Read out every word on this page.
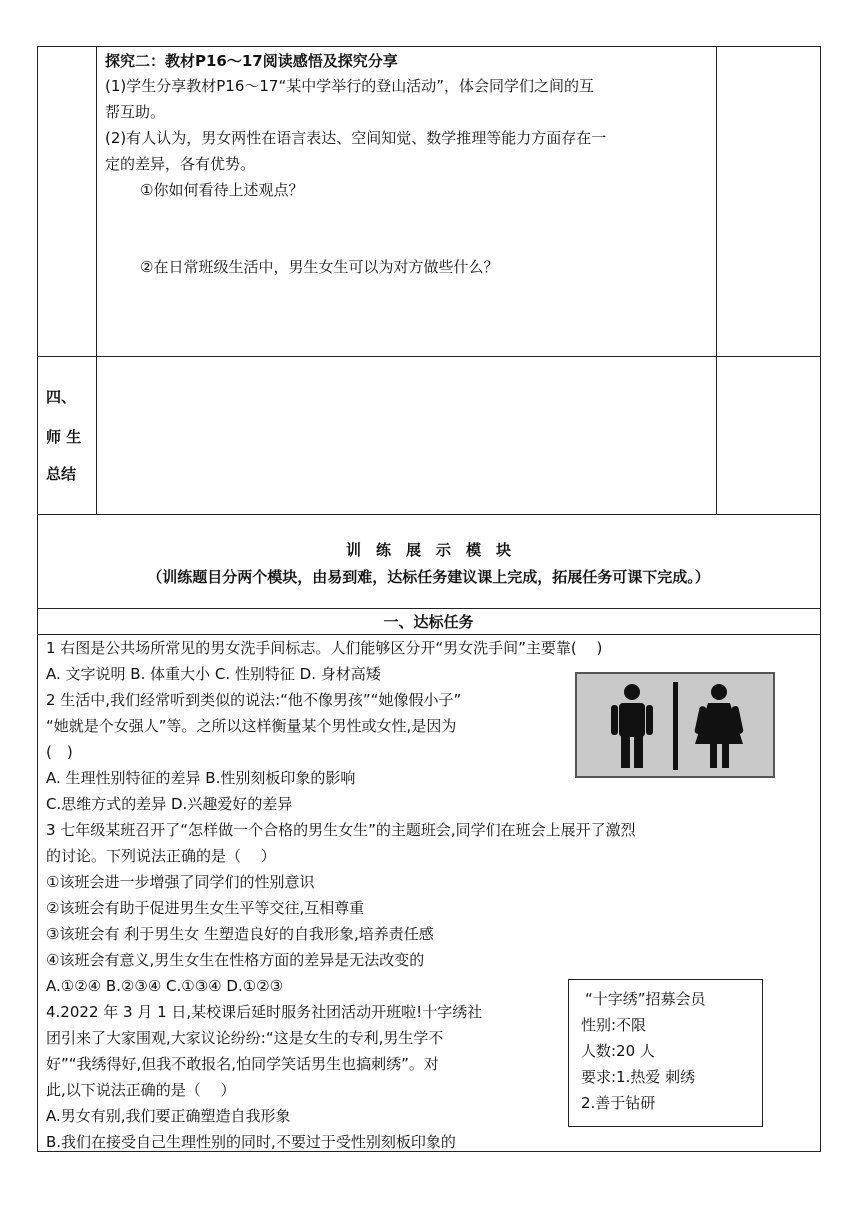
探究二：教材P16～17阅读感悟及探究分享
(1)学生分享教材P16～17“某中学举行的登山活动”，体会同学们之间的互
帮互助。
(2)有人认为，男女两性在语言表达、空间知觉、数学推理等能力方面存在一
定的差异，各有优势。
①你如何看待上述观点？
②在日常班级生活中，男生女生可以为对方做些什么？
四、
师 生
总结
训　练　展　示　模　块
（训练题目分两个模块，由易到难，达标任务建议课上完成，拓展任务可课下完成。）
一、达标任务
1 右图是公共场所常见的男女洗手间标志。人们能够区分开“男女洗手间”主要靠(　 )
A. 文字说明 B. 体重大小 C. 性别特征 D. 身材高矮
2 生活中,我们经常听到类似的说法:“他不像男孩”“她像假小子”
“她就是个女强人”等。之所以这样衡量某个男性或女性,是因为
(　)
A. 生理性别特征的差异 B.性别刻板印象的影响
C.思维方式的差异 D.兴趣爱好的差异
3 七年级某班召开了“怎样做一个合格的男生女生”的主题班会,同学们在班会上展开了激烈
的讨论。下列说法正确的是（　 ）
①该班会进一步增强了同学们的性别意识
②该班会有助于促进男生女生平等交往,互相尊重
③该班会有 利于男生女 生塑造良好的自我形象,培养责任感
④该班会有意义,男生女生在性格方面的差异是无法改变的
A.①②④ B.②③④ C.①③④ D.①②③
4.2022 年 3 月 1 日,某校课后延时服务社团活动开班啦!十字绣社
团引来了大家围观,大家议论纷纷:“这是女生的专利,男生学不
好”“我绣得好,但我不敢报名,怕同学笑话男生也搞刺绣”。对
此,以下说法正确的是（　 ）
A.男女有别,我们要正确塑造自我形象
B.我们在接受自己生理性别的同时,不要过于受性别刻板印象的
“十字绣”招募会员
性别:不限
人数:20 人
要求:1.热爱 刺绣
2.善于钻研
